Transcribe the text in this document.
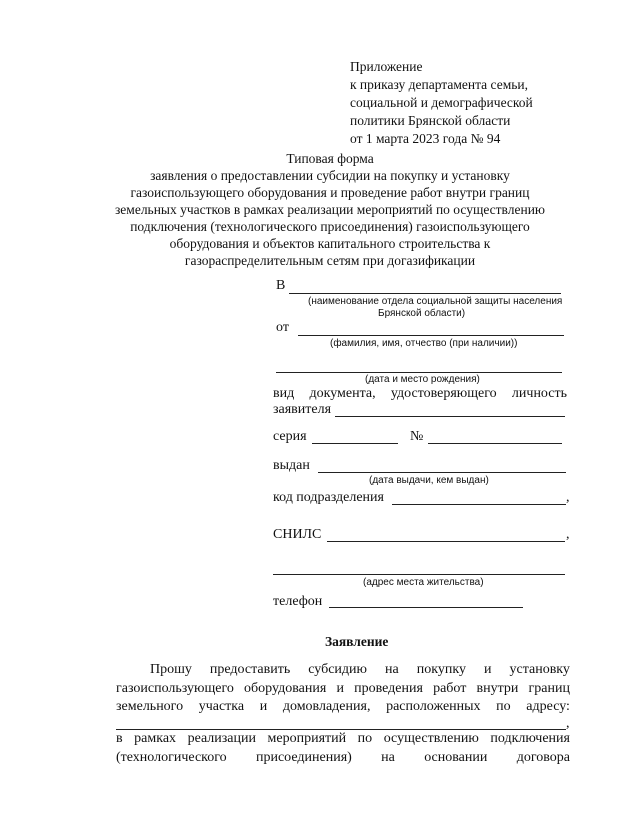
Приложение
к приказу департамента семьи,
социальной и демографической
политики Брянской области
от 1 марта 2023 года № 94
Типовая форма
заявления о предоставлении субсидии на покупку и установку
газоиспользующего оборудования и проведение работ внутри границ
земельных участков в рамках реализации мероприятий по осуществлению
подключения (технологического присоединения) газоиспользующего
оборудования и объектов капитального строительства к
газораспределительным сетям при догазификации
В
(наименование отдела социальной защиты населения
Брянской области)
от
(фамилия, имя, отчество (при наличии))
(дата и место рождения)
вид документа, удостоверяющего личность
заявителя
серия	№
выдан
(дата выдачи, кем выдан)
код подразделения	,
СНИЛС	,
(адрес места жительства)
телефон
Заявление
Прошу предоставить субсидию на покупку и установку
газоиспользующего оборудования и проведения работ внутри границ
земельного участка и домовладения, расположенных по адресу:
,
в рамках реализации мероприятий по осуществлению подключения
(технологического присоединения) на основании договора
